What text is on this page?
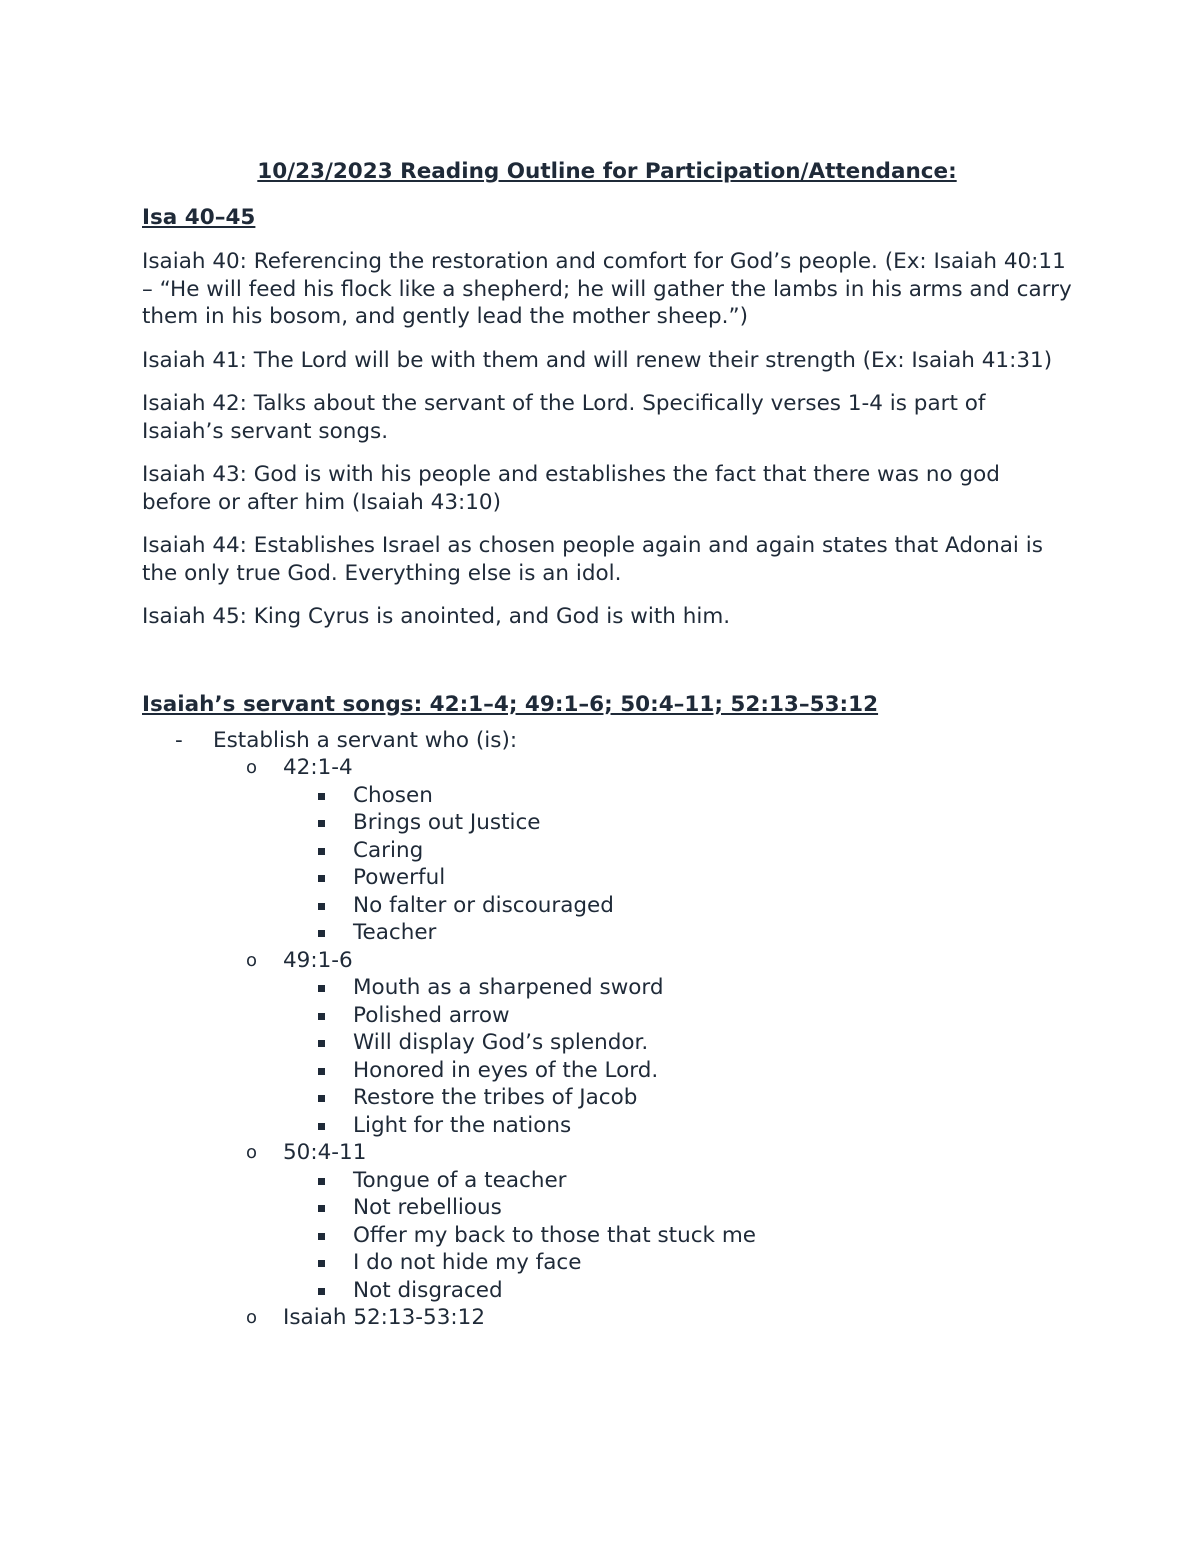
10/23/2023 Reading Outline for Participation/Attendance:
Isa 40–45
Isaiah 40: Referencing the restoration and comfort for God’s people. (Ex: Isaiah 40:11 – “He will feed his flock like a shepherd; he will gather the lambs in his arms and carry them in his bosom, and gently lead the mother sheep.”)
Isaiah 41: The Lord will be with them and will renew their strength (Ex: Isaiah 41:31)
Isaiah 42: Talks about the servant of the Lord. Specifically verses 1-4 is part of Isaiah’s servant songs.
Isaiah 43: God is with his people and establishes the fact that there was no god before or after him (Isaiah 43:10)
Isaiah 44: Establishes Israel as chosen people again and again states that Adonai is the only true God. Everything else is an idol.
Isaiah 45: King Cyrus is anointed, and God is with him.
Isaiah’s servant songs: 42:1–4; 49:1–6; 50:4–11; 52:13–53:12
- Establish a servant who (is):
o 42:1-4
Chosen
Brings out Justice
Caring
Powerful
No falter or discouraged
Teacher
o 49:1-6
Mouth as a sharpened sword
Polished arrow
Will display God’s splendor.
Honored in eyes of the Lord.
Restore the tribes of Jacob
Light for the nations
o 50:4-11
Tongue of a teacher
Not rebellious
Offer my back to those that stuck me
I do not hide my face
Not disgraced
o Isaiah 52:13-53:12
